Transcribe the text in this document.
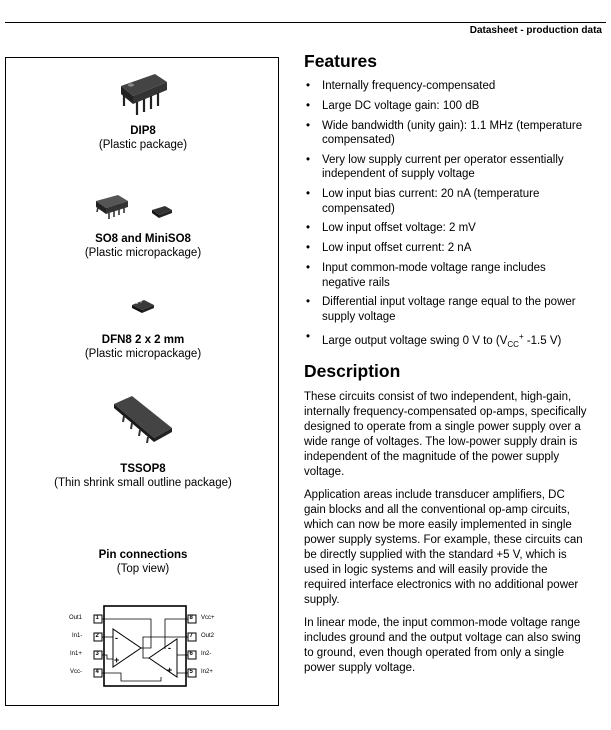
Datasheet - production data
DIP8
(Plastic package)
SO8 and MiniSO8
(Plastic micropackage)
DFN8 2 x 2 mm
(Plastic micropackage)
TSSOP8
(Thin shrink small outline package)
Pin connections
(Top view)
-
+
-
+
1
2
3
4
8
7
6
5
Out1
In1-
In1+
Vcc-
Vcc+
Out2
In2-
In2+
Features
• Internally frequency-compensated
• Large DC voltage gain: 100 dB
• Wide bandwidth (unity gain): 1.1 MHz (temperature compensated)
• Very low supply current per operator essentially independent of supply voltage
• Low input bias current: 20 nA (temperature compensated)
• Low input offset voltage: 2 mV
• Low input offset current: 2 nA
• Input common-mode voltage range includes negative rails
• Differential input voltage range equal to the power supply voltage
• Large output voltage swing 0 V to ($V_{CC}^+$ -1.5 V)
Description

These circuits consist of two independent, high-gain, internally frequency-compensated op-amps, specifically designed to operate from a single power supply over a wide range of voltages. The low-power supply drain is independent of the magnitude of the power supply voltage.

Application areas include transducer amplifiers, DC gain blocks and all the conventional op-amp circuits, which can now be more easily implemented in single power supply systems. For example, these circuits can be directly supplied with the standard +5 V, which is used in logic systems and will easily provide the required interface electronics with no additional power supply.

In linear mode, the input common-mode voltage range includes ground and the output voltage can also swing to ground, even though operated from only a single power supply voltage.
